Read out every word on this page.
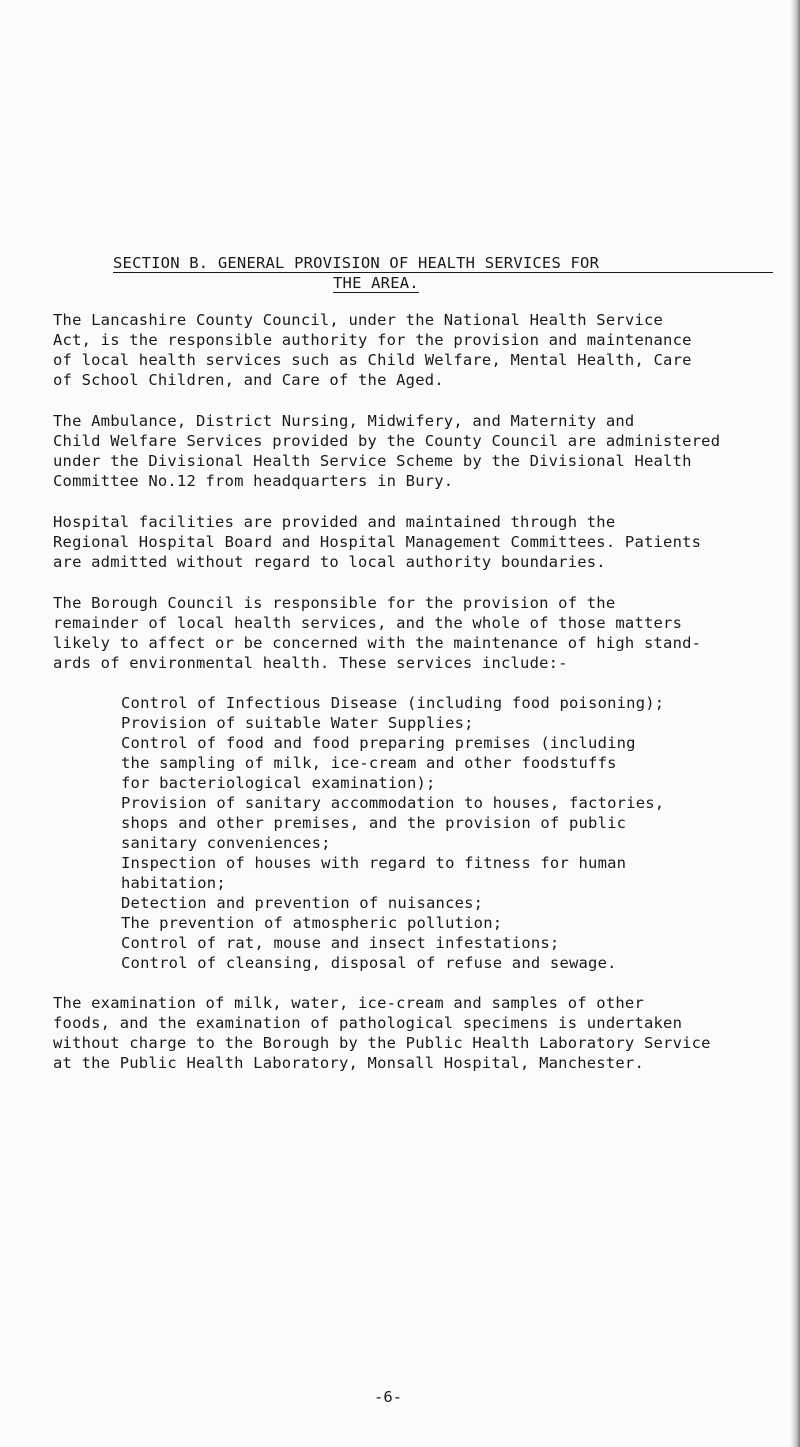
SECTION B. GENERAL PROVISION OF HEALTH SERVICES FOR
THE AREA.

The Lancashire County Council, under the National Health Service
Act, is the responsible authority for the provision and maintenance
of local health services such as Child Welfare, Mental Health, Care
of School Children, and Care of the Aged.

The Ambulance, District Nursing, Midwifery, and Maternity and
Child Welfare Services provided by the County Council are administered
under the Divisional Health Service Scheme by the Divisional Health
Committee No.12 from headquarters in Bury.

Hospital facilities are provided and maintained through the
Regional Hospital Board and Hospital Management Committees. Patients
are admitted without regard to local authority boundaries.

The Borough Council is responsible for the provision of the
remainder of local health services, and the whole of those matters
likely to affect or be concerned with the maintenance of high stand-
ards of environmental health. These services include:-

Control of Infectious Disease (including food poisoning);
Provision of suitable Water Supplies;
Control of food and food preparing premises (including
the sampling of milk, ice-cream and other foodstuffs
for bacteriological examination);
Provision of sanitary accommodation to houses, factories,
shops and other premises, and the provision of public
sanitary conveniences;
Inspection of houses with regard to fitness for human
habitation;
Detection and prevention of nuisances;
The prevention of atmospheric pollution;
Control of rat, mouse and insect infestations;
Control of cleansing, disposal of refuse and sewage.

The examination of milk, water, ice-cream and samples of other
foods, and the examination of pathological specimens is undertaken
without charge to the Borough by the Public Health Laboratory Service
at the Public Health Laboratory, Monsall Hospital, Manchester.

-6-
